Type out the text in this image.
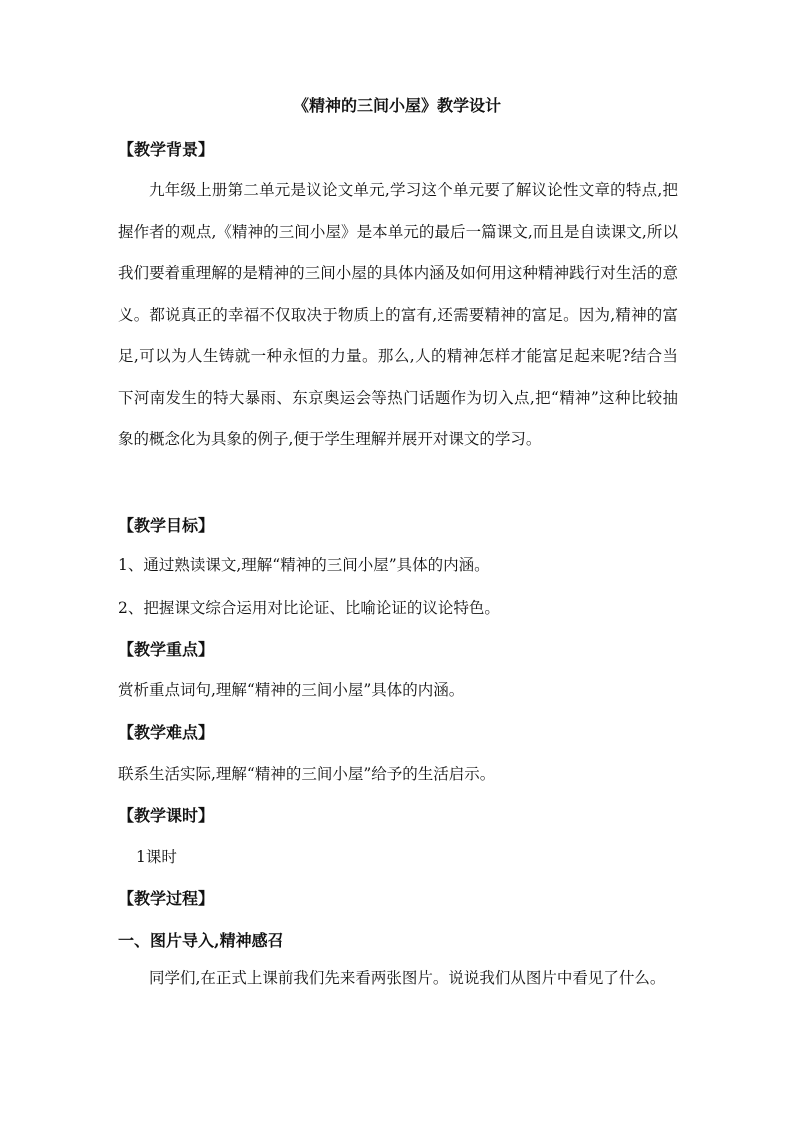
《精神的三间小屋》教学设计
【教学背景】
九年级上册第二单元是议论文单元,学习这个单元要了解议论性文章的特点,把握作者的观点,《精神的三间小屋》是本单元的最后一篇课文,而且是自读课文,所以我们要着重理解的是精神的三间小屋的具体内涵及如何用这种精神践行对生活的意义。都说真正的幸福不仅取决于物质上的富有,还需要精神的富足。因为,精神的富足,可以为人生铸就一种永恒的力量。那么,人的精神怎样才能富足起来呢?结合当下河南发生的特大暴雨、东京奥运会等热门话题作为切入点,把“精神”这种比较抽象的概念化为具象的例子,便于学生理解并展开对课文的学习。
【教学目标】
1、通过熟读课文,理解“精神的三间小屋”具体的内涵。
2、把握课文综合运用对比论证、比喻论证的议论特色。
【教学重点】
赏析重点词句,理解“精神的三间小屋”具体的内涵。
【教学难点】
联系生活实际,理解“精神的三间小屋”给予的生活启示。
【教学课时】
1课时
【教学过程】
一、图片导入,精神感召
同学们,在正式上课前我们先来看两张图片。说说我们从图片中看见了什么。
